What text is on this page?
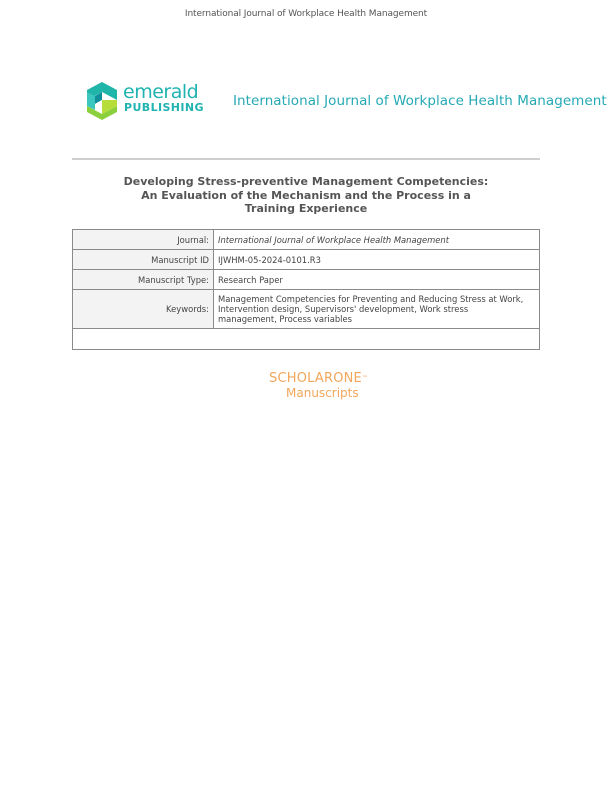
International Journal of Workplace Health Management
emerald
PUBLISHING International Journal of Workplace Health Management
Developing Stress-preventive Management Competencies:
An Evaluation of the Mechanism and the Process in a
Training Experience
Journal:	International Journal of Workplace Health Management
Manuscript ID	IJWHM-05-2024-0101.R3
Manuscript Type:	Research Paper
Keywords:	Management Competencies for Preventing and Reducing Stress at Work,
Intervention design, Supervisors' development, Work stress
management, Process variables
SCHOLARONE™
Manuscripts
